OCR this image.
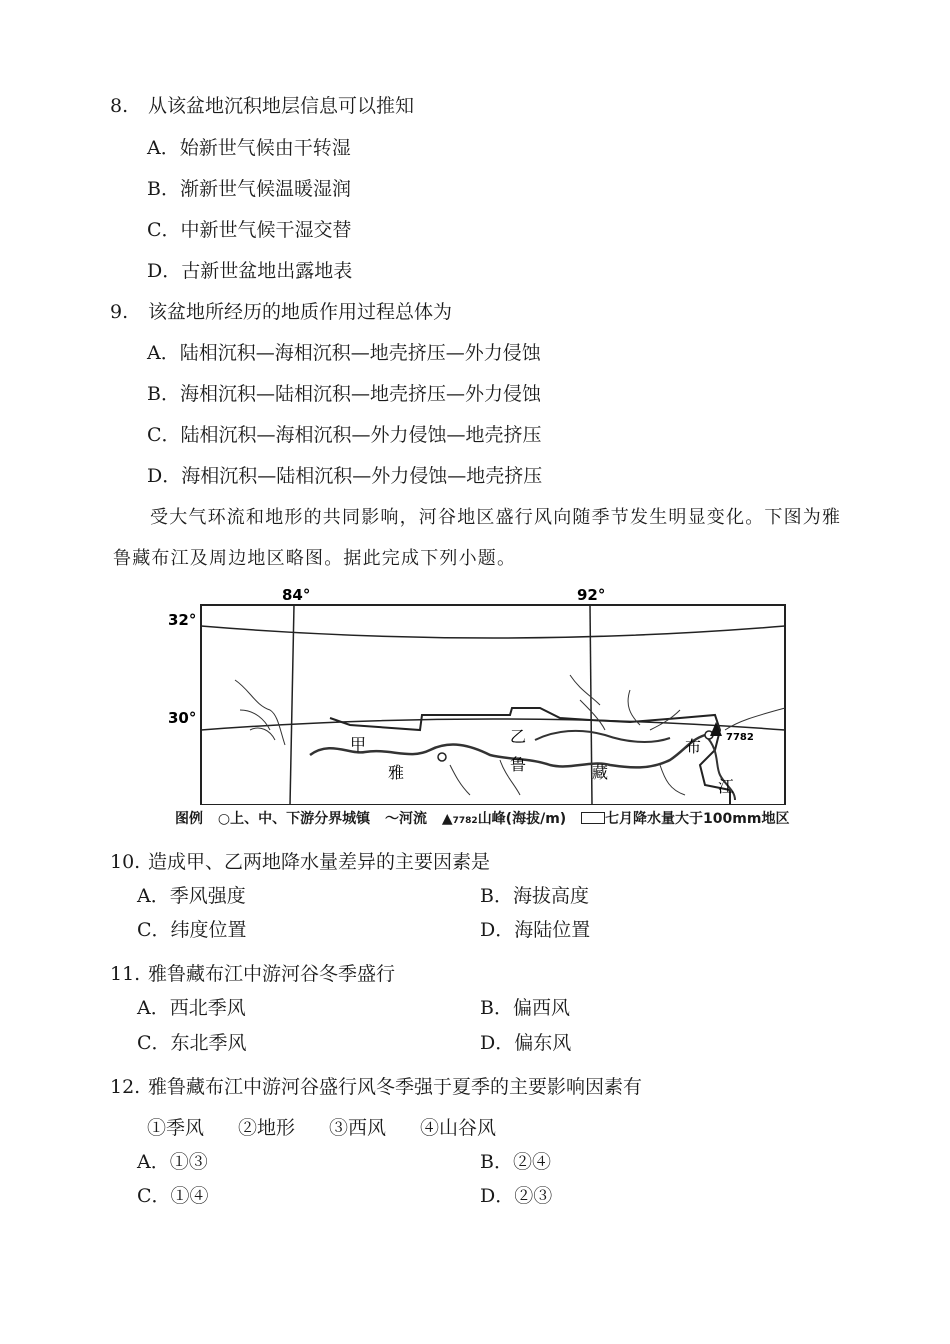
8. 从该盆地沉积地层信息可以推知
A．始新世气候由干转湿
B．渐新世气候温暖湿润
C．中新世气候干湿交替
D．古新世盆地出露地表
9. 该盆地所经历的地质作用过程总体为
A．陆相沉积—海相沉积—地壳挤压—外力侵蚀
B．海相沉积—陆相沉积—地壳挤压—外力侵蚀
C．陆相沉积—海相沉积—外力侵蚀—地壳挤压
D．海相沉积—陆相沉积—外力侵蚀—地壳挤压
受大气环流和地形的共同影响，河谷地区盛行风向随季节发生明显变化。下图为雅
鲁藏布江及周边地区略图。据此完成下列小题。
84°	92°
32°
30°
7782
甲	乙
雅	鲁	藏
布
江
图例 ○上、中、下游分界城镇 〜河流 ▲7782山峰(海拔/m)	七月降水量大于100mm地区
10. 造成甲、乙两地降水量差异的主要因素是
A．季风强度	B．海拔高度
C．纬度位置	D．海陆位置
11. 雅鲁藏布江中游河谷冬季盛行
A．西北季风	B．偏西风
C．东北季风	D．偏东风
12. 雅鲁藏布江中游河谷盛行风冬季强于夏季的主要影响因素有
①季风 ②地形 ③西风 ④山谷风
A．①③	B．②④
C．①④	D．②③
